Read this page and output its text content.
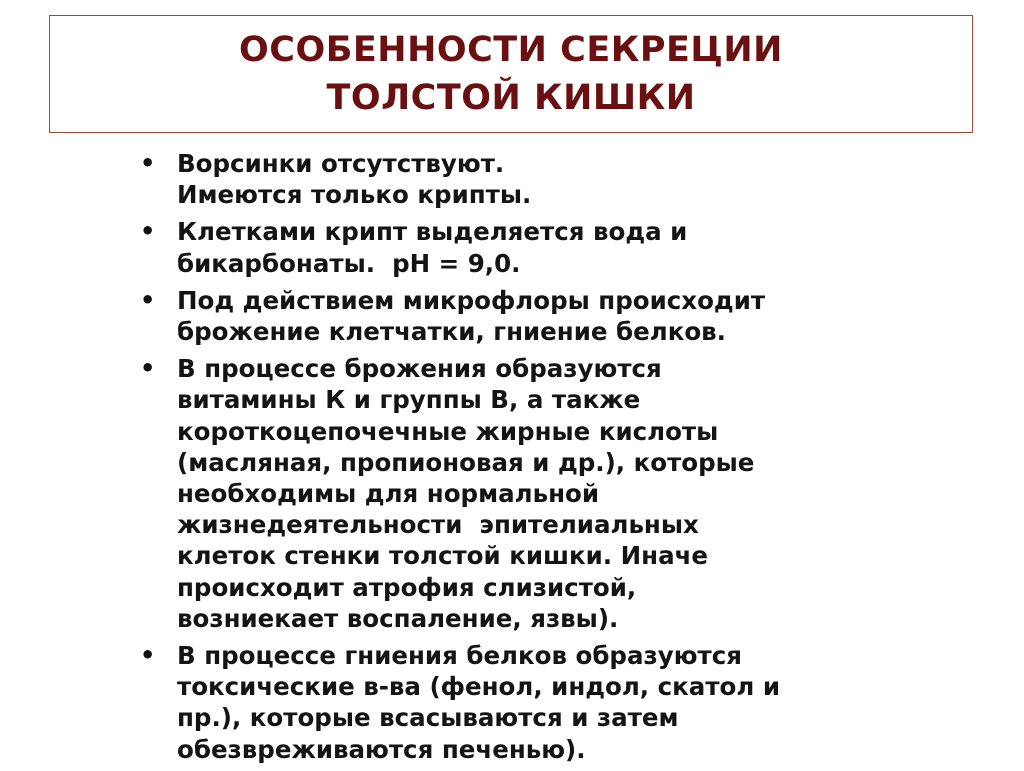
ОСОБЕННОСТИ СЕКРЕЦИИ
ТОЛСТОЙ КИШКИ
• Ворсинки отсутствуют.
Имеются только крипты.
• Клетками крипт выделяется вода и
бикарбонаты.  pH = 9,0.
• Под действием микрофлоры происходит
брожение клетчатки, гниение белков.
• В процессе брожения образуются
витамины К и группы В, а также
короткоцепочечные жирные кислоты
(масляная, пропионовая и др.), которые
необходимы для нормальной
жизнедеятельности  эпителиальных
клеток стенки толстой кишки. Иначе
происходит атрофия слизистой,
возниекает воспаление, язвы).
• В процессе гниения белков образуются
токсические в-ва (фенол, индол, скатол и
пр.), которые всасываются и затем
обезвреживаются печенью).
